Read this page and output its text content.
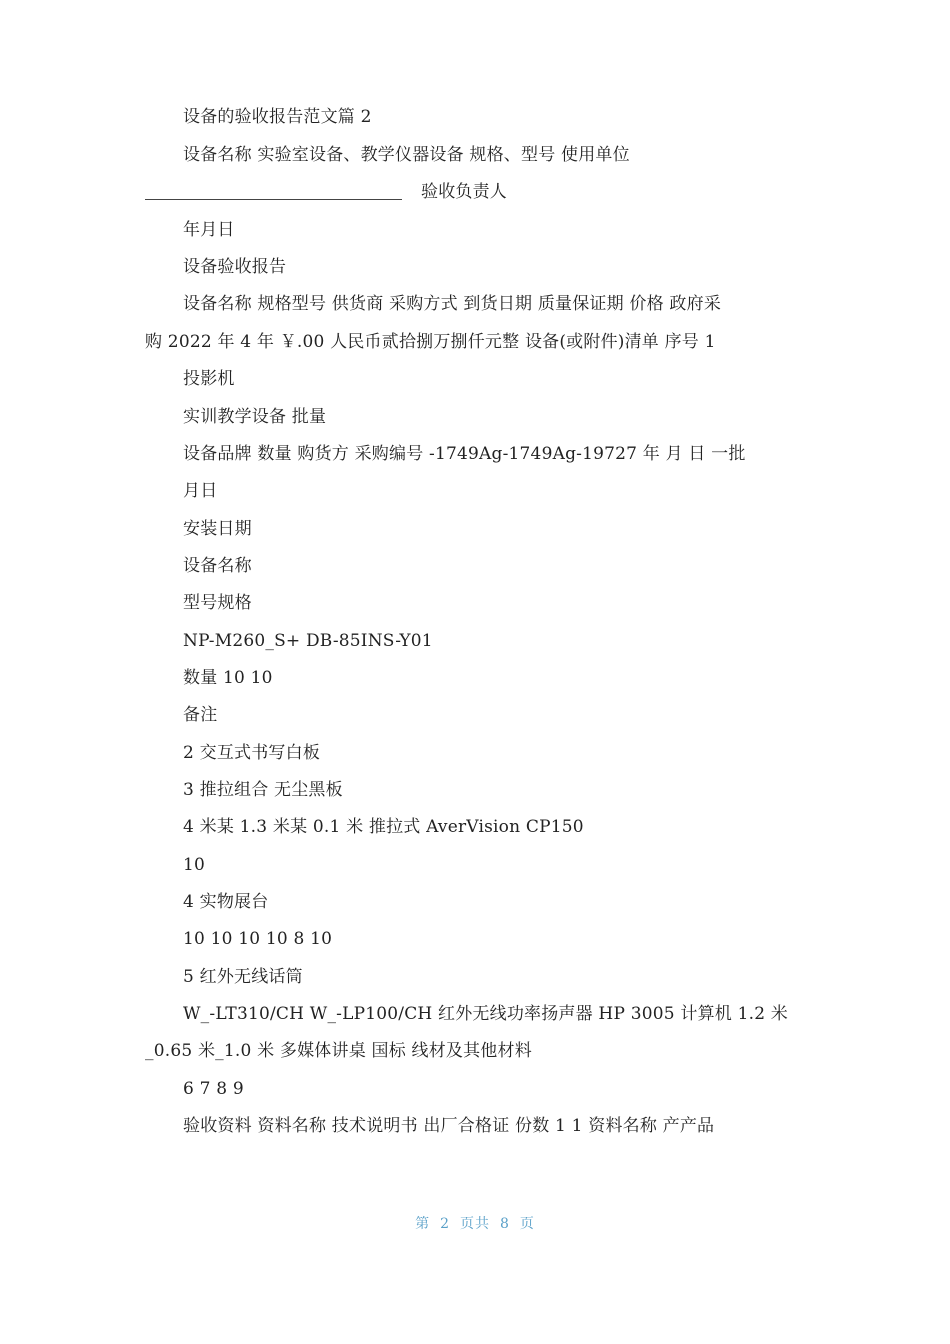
设备的验收报告范文篇 2
设备名称 实验室设备、教学仪器设备 规格、型号 使用单位
验收负责人
年月日
设备验收报告
设备名称 规格型号 供货商 采购方式 到货日期 质量保证期 价格 政府采
购 2022 年 4 年 ￥.00 人民币贰拾捌万捌仟元整 设备(或附件)清单 序号 1
投影机
实训教学设备 批量
设备品牌 数量 购货方 采购编号 -1749Ag-1749Ag-19727 年 月 日 一批
月日
安装日期
设备名称
型号规格
NP-M260_S+ DB-85INS-Y01
数量 10 10
备注
2 交互式书写白板
3 推拉组合 无尘黑板
4 米某 1.3 米某 0.1 米 推拉式 AverVision CP150
10
4 实物展台
10 10 10 10 8 10
5 红外无线话筒
W_-LT310/CH W_-LP100/CH 红外无线功率扬声器 HP 3005 计算机 1.2 米
_0.65 米_1.0 米 多媒体讲桌 国标 线材及其他材料
6 7 8 9
验收资料 资料名称 技术说明书 出厂合格证 份数 1 1 资料名称 产产品
第 2 页共 8 页
